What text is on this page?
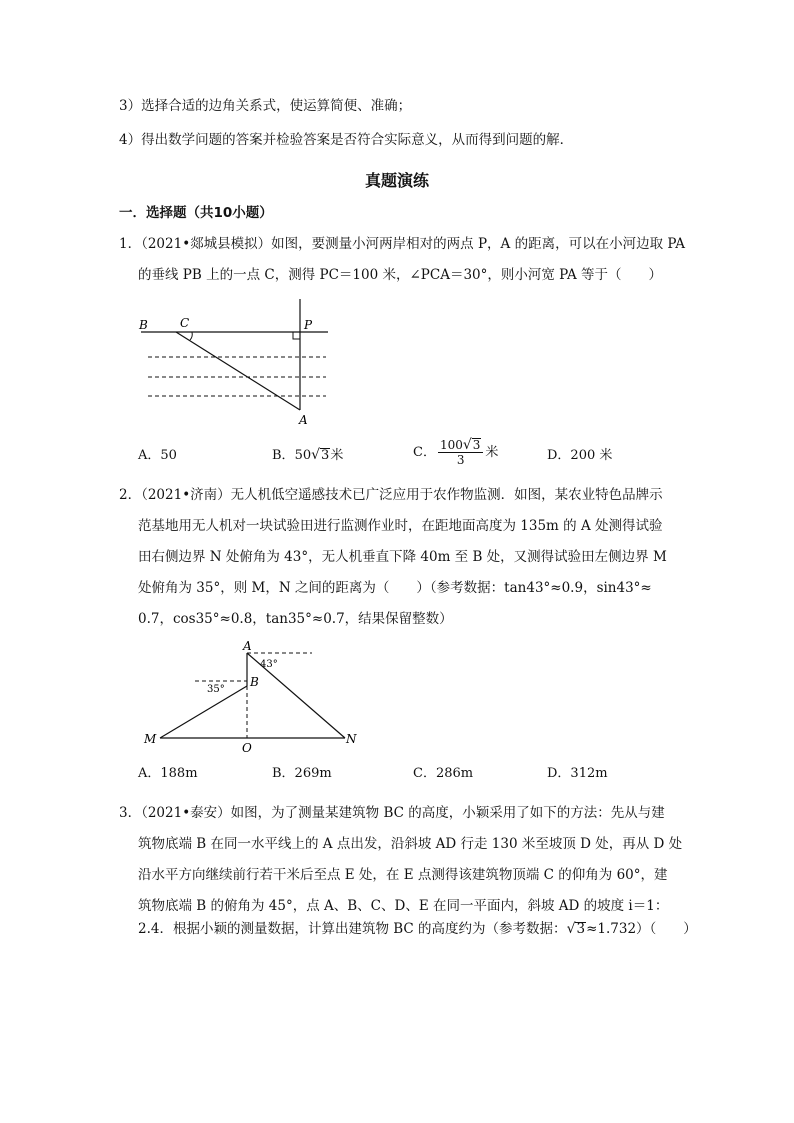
3）选择合适的边角关系式，使运算简便、准确；
4）得出数学问题的答案并检验答案是否符合实际意义，从而得到问题的解．
真题演练
一．选择题（共10小题）
1．（2021•郯城县模拟）如图，要测量小河两岸相对的两点 P，A 的距离，可以在小河边取 PA
的垂线 PB 上的一点 C，测得 PC＝100 米，∠PCA＝30°，则小河宽 PA 等于（　　）
B	C	P
A
A．50	B．50 √ 3 米	C． $\frac{100 √ 3}{3}$ 米	D．200 米
2．（2021•济南）无人机低空遥感技术已广泛应用于农作物监测．如图，某农业特色品牌示
范基地用无人机对一块试验田进行监测作业时，在距地面高度为 135m 的 A 处测得试验
田右侧边界 N 处俯角为 43°，无人机垂直下降 40m 至 B 处，又测得试验田左侧边界 M
处俯角为 35°，则 M，N 之间的距离为（　　）（参考数据：tan43°≈0.9，sin43°≈
0.7，cos35°≈0.8，tan35°≈0.7，结果保留整数）
A
B
O
M	N
43°
35°
A．188m	B．269m	C．286m	D．312m
3．（2021•泰安）如图，为了测量某建筑物 BC 的高度，小颖采用了如下的方法：先从与建
筑物底端 B 在同一水平线上的 A 点出发，沿斜坡 AD 行走 130 米至坡顶 D 处，再从 D 处
沿水平方向继续前行若干米后至点 E 处，在 E 点测得该建筑物顶端 C 的仰角为 60°，建
筑物底端 B 的俯角为 45°，点 A、B、C、D、E 在同一平面内，斜坡 AD 的坡度 i＝1：
2.4．根据小颖的测量数据，计算出建筑物 BC 的高度约为（参考数据： √ 3 ≈1.732）（　　）
